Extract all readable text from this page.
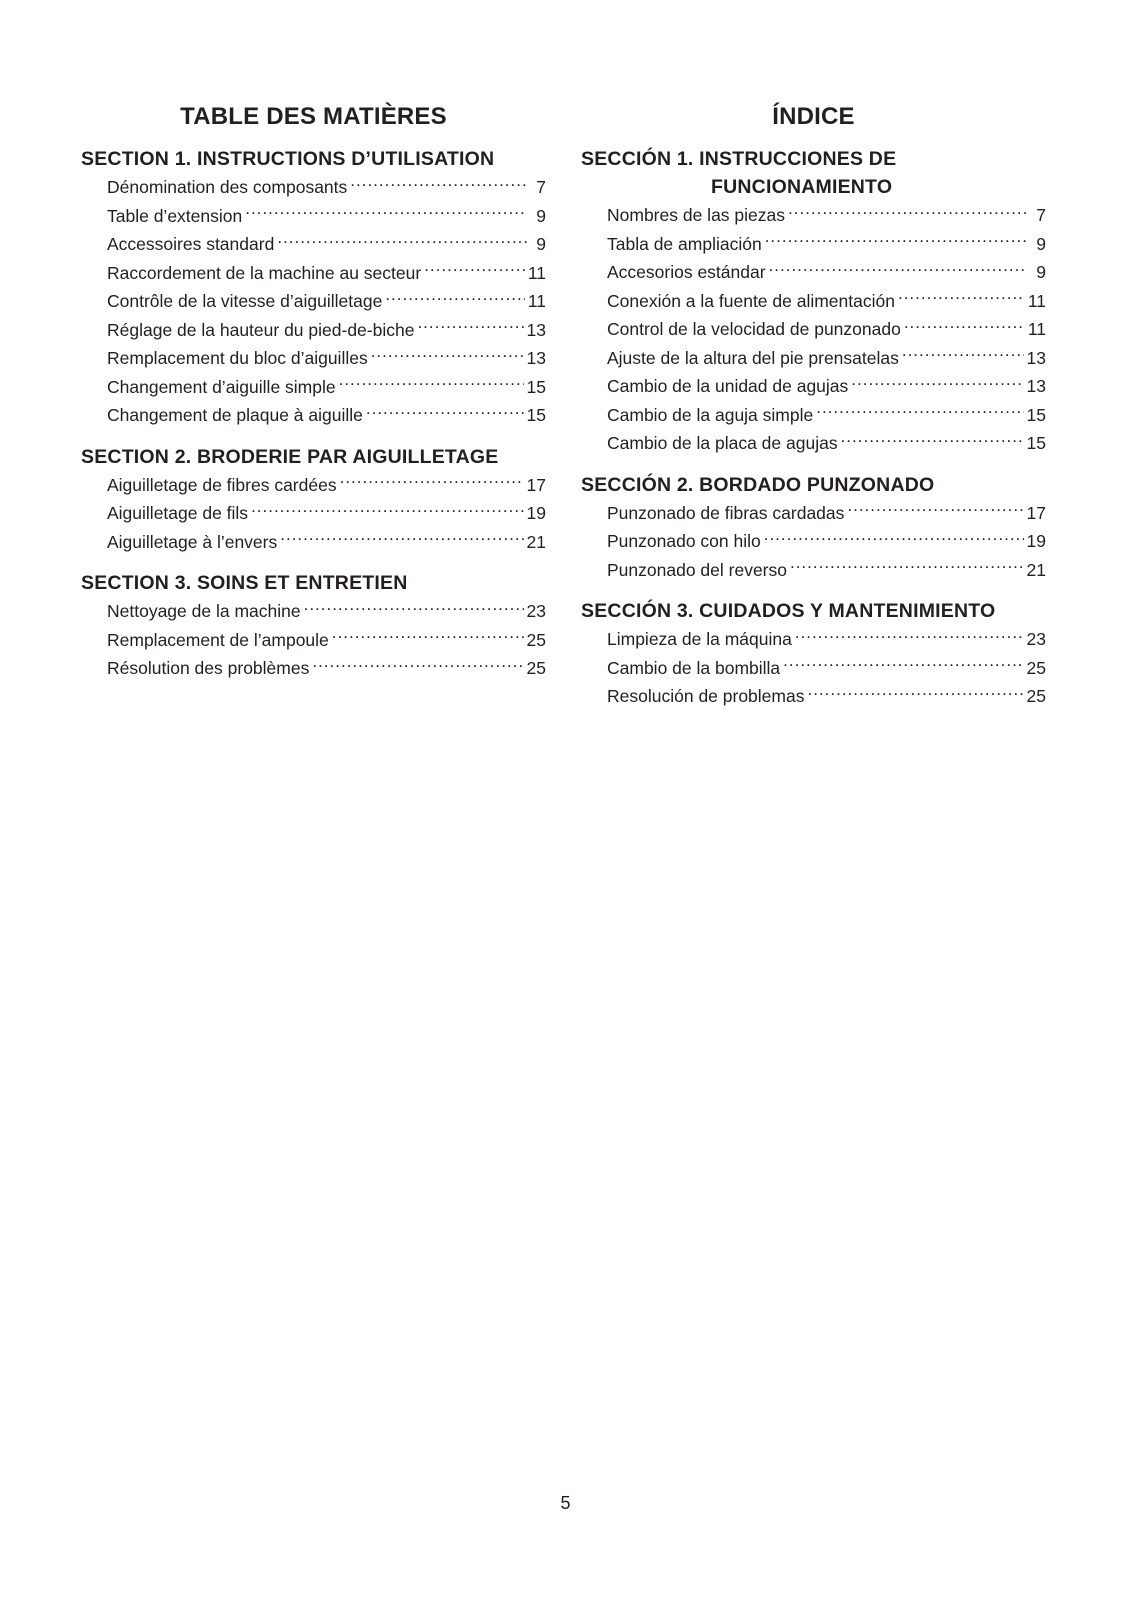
TABLE DES MATIÈRES
SECTION 1. INSTRUCTIONS D’UTILISATION
Dénomination des composants .....	7
Table d’extension .....	9
Accessoires standard .....	9
Raccordement de la machine au secteur .....	11
Contrôle de la vitesse d’aiguilletage .....	11
Réglage de la hauteur du pied-de-biche .....	13
Remplacement du bloc d’aiguilles .....	13
Changement d’aiguille simple .....	15
Changement de plaque à aiguille .....	15
SECTION 2. BRODERIE PAR AIGUILLETAGE
Aiguilletage de fibres cardées .....	17
Aiguilletage de fils .....	19
Aiguilletage à l’envers .....	21
SECTION 3. SOINS ET ENTRETIEN
Nettoyage de la machine .....	23
Remplacement de l’ampoule .....	25
Résolution des problèmes .....	25
ÍNDICE
SECCIÓN 1. INSTRUCCIONES DE
FUNCIONAMIENTO
Nombres de las piezas .....	7
Tabla de ampliación .....	9
Accesorios estándar .....	9
Conexión a la fuente de alimentación .....	11
Control de la velocidad de punzonado .....	11
Ajuste de la altura del pie prensatelas .....	13
Cambio de la unidad de agujas .....	13
Cambio de la aguja simple .....	15
Cambio de la placa de agujas .....	15
SECCIÓN 2. BORDADO PUNZONADO
Punzonado de fibras cardadas .....	17
Punzonado con hilo .....	19
Punzonado del reverso .....	21
SECCIÓN 3. CUIDADOS Y MANTENIMIENTO
Limpieza de la máquina .....	23
Cambio de la bombilla .....	25
Resolución de problemas .....	25
5
